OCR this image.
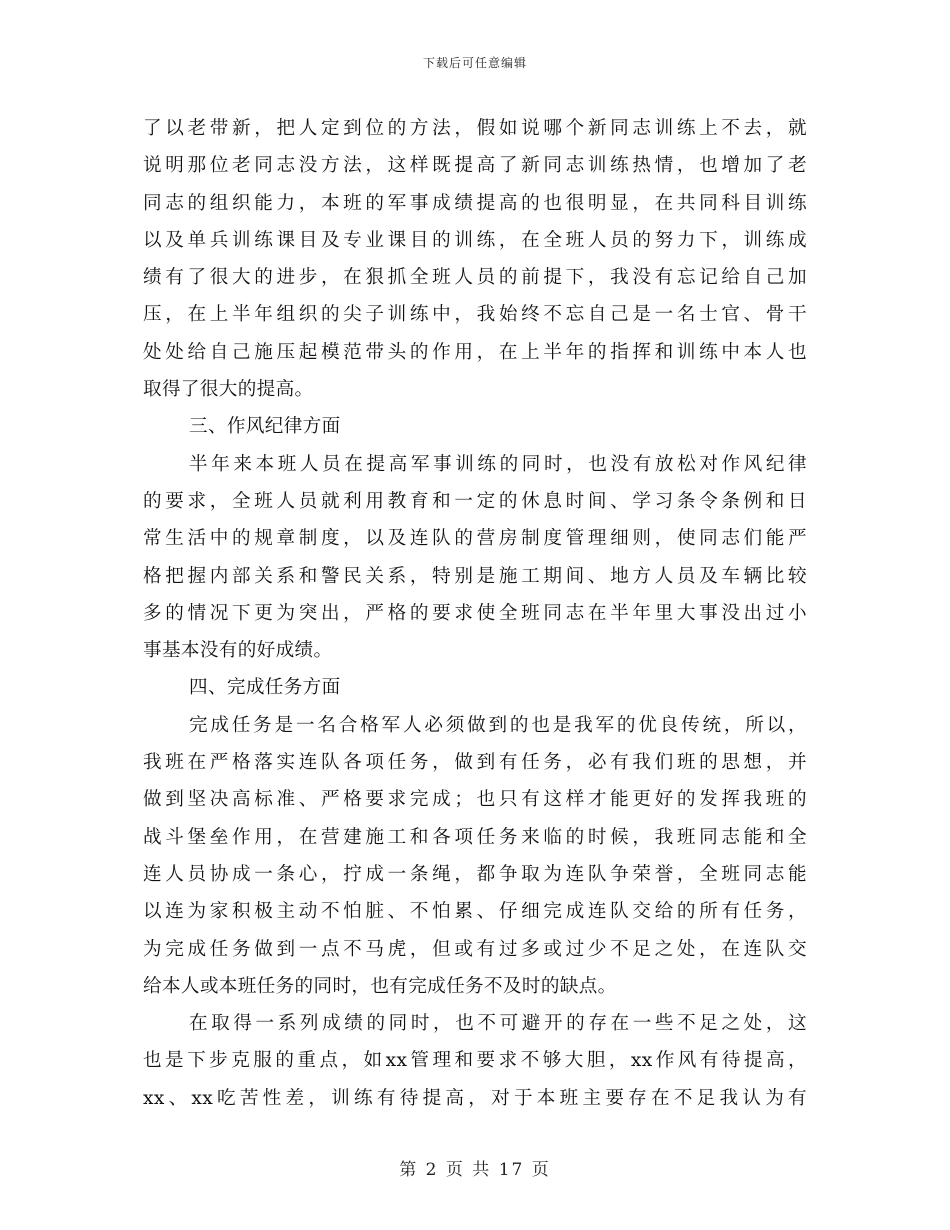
下载后可任意编辑
了以老带新，把人定到位的方法，假如说哪个新同志训练上不去，就
说明那位老同志没方法，这样既提高了新同志训练热情，也增加了老
同志的组织能力，本班的军事成绩提高的也很明显，在共同科目训练
以及单兵训练课目及专业课目的训练，在全班人员的努力下，训练成
绩有了很大的进步，在狠抓全班人员的前提下，我没有忘记给自己加
压，在上半年组织的尖子训练中，我始终不忘自己是一名士官、骨干
处处给自己施压起模范带头的作用，在上半年的指挥和训练中本人也
取得了很大的提高。
三、作风纪律方面
半年来本班人员在提高军事训练的同时，也没有放松对作风纪律
的要求，全班人员就利用教育和一定的休息时间、学习条令条例和日
常生活中的规章制度，以及连队的营房制度管理细则，使同志们能严
格把握内部关系和警民关系，特别是施工期间、地方人员及车辆比较
多的情况下更为突出，严格的要求使全班同志在半年里大事没出过小
事基本没有的好成绩。
四、完成任务方面
完成任务是一名合格军人必须做到的也是我军的优良传统，所以，
我班在严格落实连队各项任务，做到有任务，必有我们班的思想，并
做到坚决高标准、严格要求完成；也只有这样才能更好的发挥我班的
战斗堡垒作用，在营建施工和各项任务来临的时候，我班同志能和全
连人员协成一条心，拧成一条绳，都争取为连队争荣誉，全班同志能
以连为家积极主动不怕脏、不怕累、仔细完成连队交给的所有任务，
为完成任务做到一点不马虎，但或有过多或过少不足之处，在连队交
给本人或本班任务的同时，也有完成任务不及时的缺点。
在取得一系列成绩的同时，也不可避开的存在一些不足之处，这
也是下步克服的重点，如xx管理和要求不够大胆，xx作风有待提高，
xx、xx吃苦性差，训练有待提高，对于本班主要存在不足我认为有
第 2 页 共 17 页
